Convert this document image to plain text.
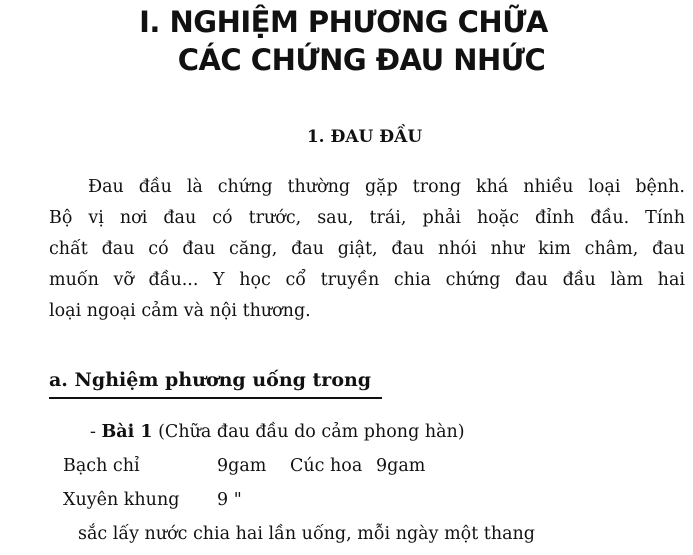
I. NGHIỆM PHƯƠNG CHỮA
CÁC CHỨNG ĐAU NHỨC
1. ĐAU ĐẦU
Đau đầu là chứng thường gặp trong khá nhiều loại bệnh.
Bộ vị nơi đau có trước, sau, trái, phải hoặc đỉnh đầu. Tính
chất đau có đau căng, đau giật, đau nhói như kim châm, đau
muốn vỡ đầu... Y học cổ truyền chia chứng đau đầu làm hai
loại ngoại cảm và nội thương.
a. Nghiệm phương uống trong
- Bài 1 (Chữa đau đầu do cảm phong hàn)
Bạch chỉ	9gam Cúc hoa 9gam
Xuyên khung 9 "
sắc lấy nước chia hai lần uống, mỗi ngày một thang
